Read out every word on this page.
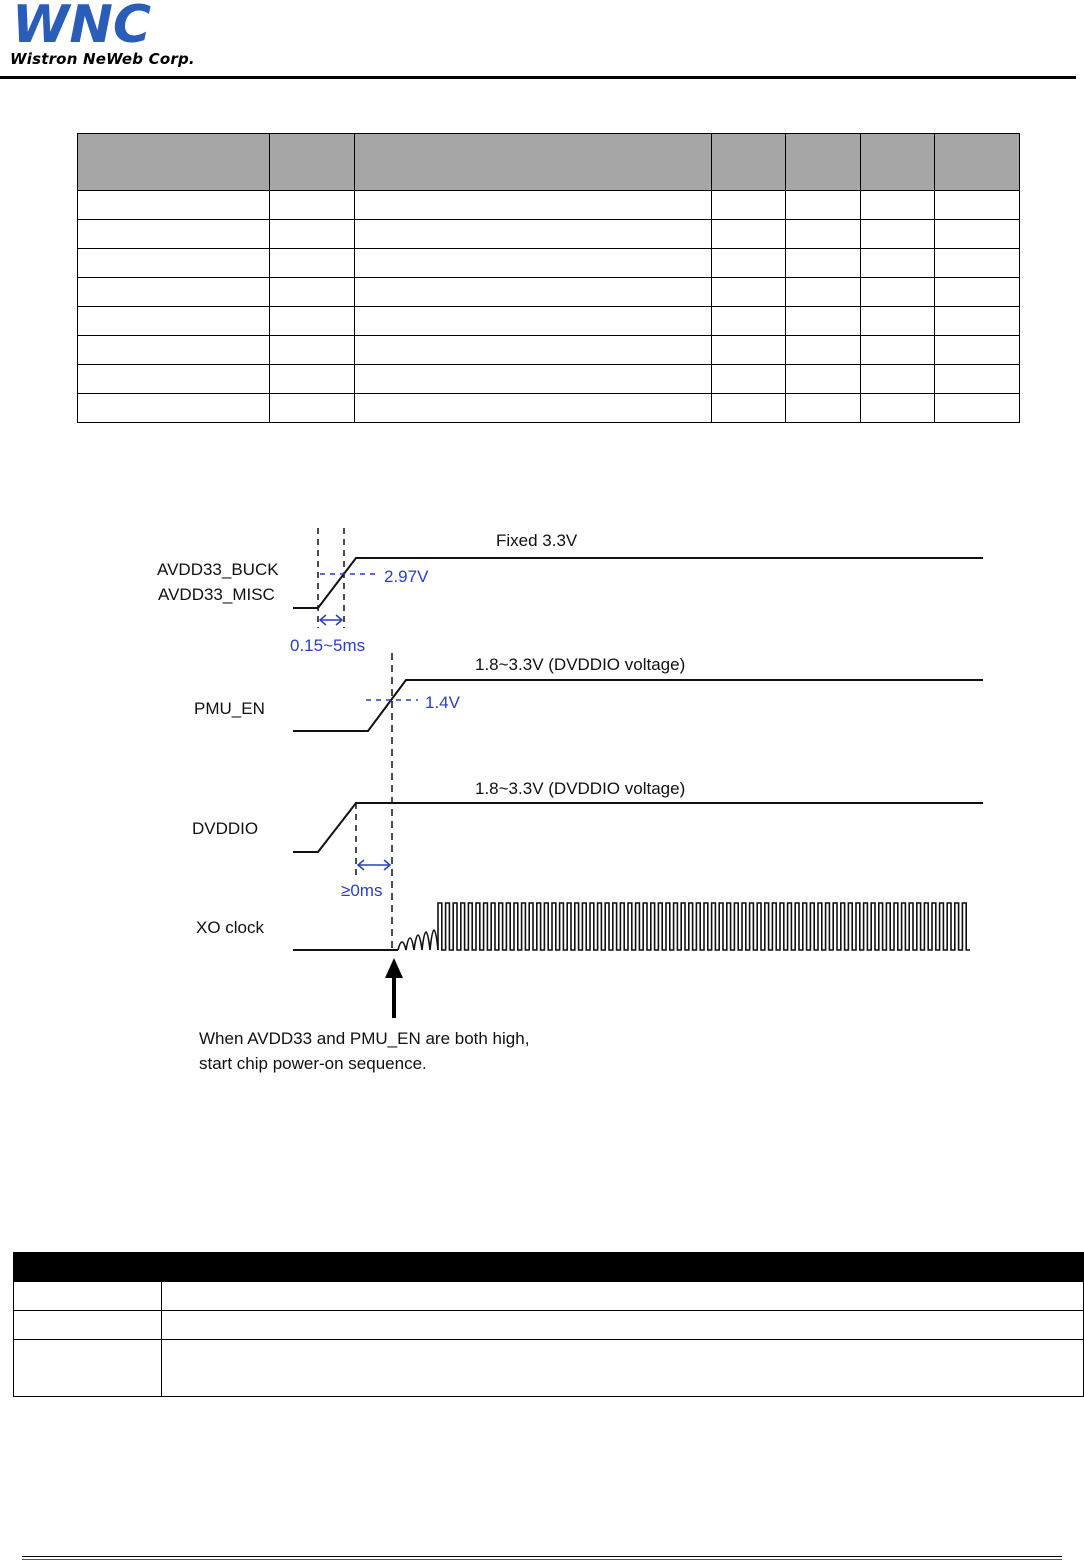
WNC
Wistron NeWeb Corp.

AVDD33_BUCK
AVDD33_MISC
Fixed 3.3V
2.97V
0.15~5ms
PMU_EN
1.8~3.3V (DVDDIO voltage)
1.4V
DVDDIO
1.8~3.3V (DVDDIO voltage)
≥0ms
XO clock
When AVDD33 and PMU_EN are both high,
start chip power-on sequence.
